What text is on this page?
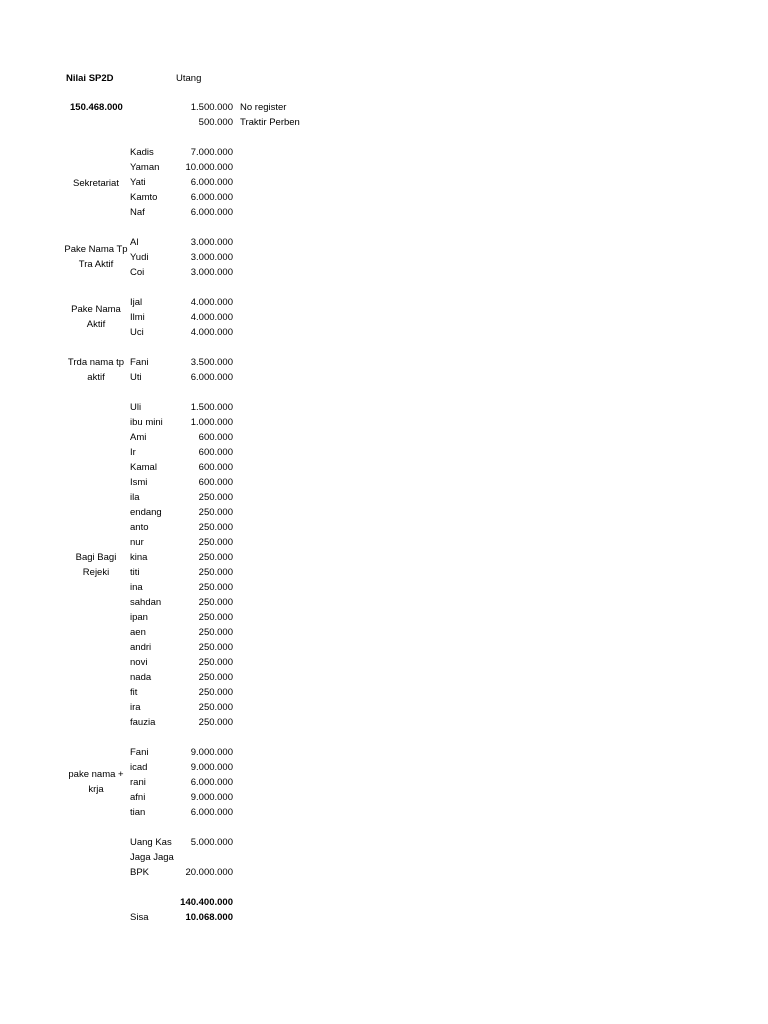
Nilai SP2D	Utang
150.468.000	1.500.000 No register
500.000 Traktir Perben
Sekretariat
Kadis	7.000.000
Yaman	10.000.000
Yati	6.000.000
Kamto	6.000.000
Naf	6.000.000
Pake Nama Tp Tra Aktif
Al	3.000.000
Yudi	3.000.000
Coi	3.000.000
Pake Nama Aktif
Ijal	4.000.000
Ilmi	4.000.000
Uci	4.000.000
Trda nama tp aktif
Fani	3.500.000
Uti	6.000.000
Bagi Bagi Rejeki
Uli	1.500.000
ibu mini	1.000.000
Ami	600.000
Ir	600.000
Kamal	600.000
Ismi	600.000
ila	250.000
endang	250.000
anto	250.000
nur	250.000
kina	250.000
titi	250.000
ina	250.000
sahdan	250.000
ipan	250.000
aen	250.000
andri	250.000
novi	250.000
nada	250.000
fit	250.000
ira	250.000
fauzia	250.000
pake nama + krja
Fani	9.000.000
icad	9.000.000
rani	6.000.000
afni	9.000.000
tian	6.000.000
Uang Kas	5.000.000
Jaga Jaga
BPK	20.000.000
140.400.000
Sisa	10.068.000
